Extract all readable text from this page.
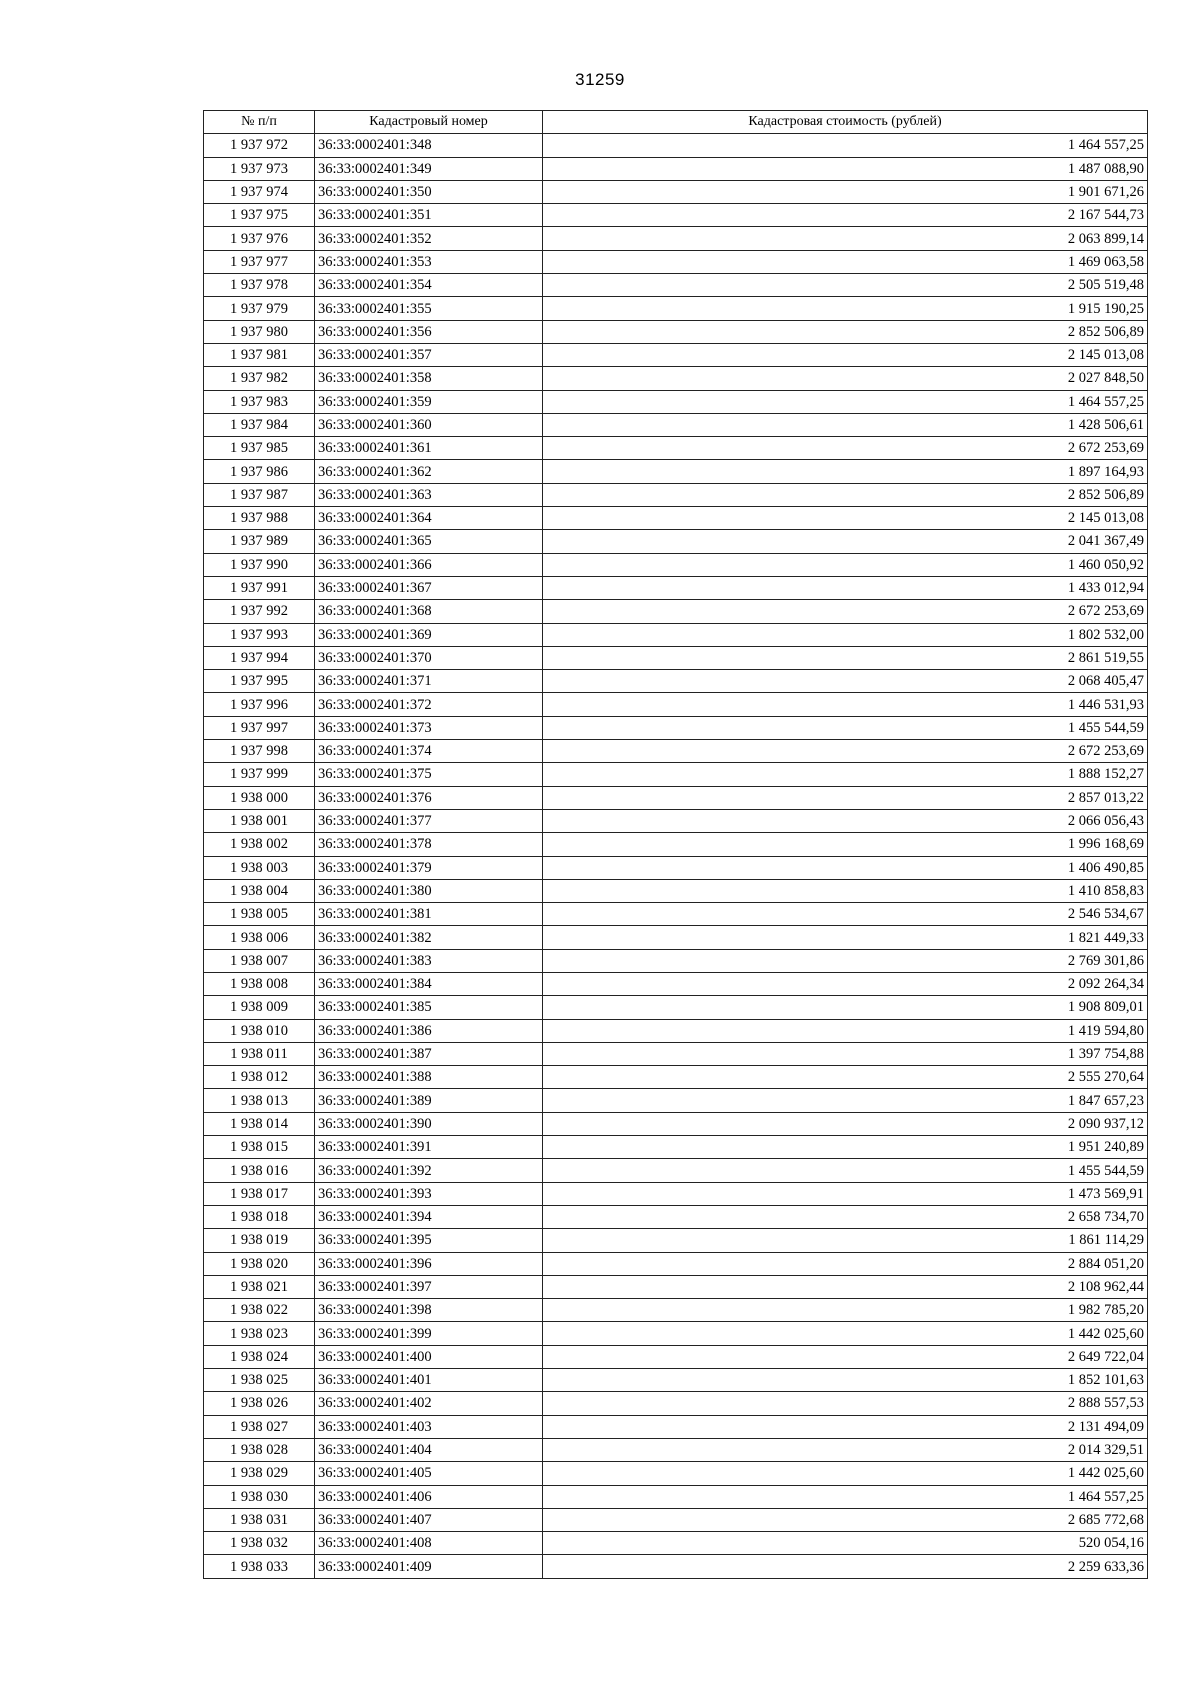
31259
№ п/п	Кадастровый номер	Кадастровая стоимость (рублей)
1 937 972	36:33:0002401:348	1 464 557,25
1 937 973	36:33:0002401:349	1 487 088,90
1 937 974	36:33:0002401:350	1 901 671,26
1 937 975	36:33:0002401:351	2 167 544,73
1 937 976	36:33:0002401:352	2 063 899,14
1 937 977	36:33:0002401:353	1 469 063,58
1 937 978	36:33:0002401:354	2 505 519,48
1 937 979	36:33:0002401:355	1 915 190,25
1 937 980	36:33:0002401:356	2 852 506,89
1 937 981	36:33:0002401:357	2 145 013,08
1 937 982	36:33:0002401:358	2 027 848,50
1 937 983	36:33:0002401:359	1 464 557,25
1 937 984	36:33:0002401:360	1 428 506,61
1 937 985	36:33:0002401:361	2 672 253,69
1 937 986	36:33:0002401:362	1 897 164,93
1 937 987	36:33:0002401:363	2 852 506,89
1 937 988	36:33:0002401:364	2 145 013,08
1 937 989	36:33:0002401:365	2 041 367,49
1 937 990	36:33:0002401:366	1 460 050,92
1 937 991	36:33:0002401:367	1 433 012,94
1 937 992	36:33:0002401:368	2 672 253,69
1 937 993	36:33:0002401:369	1 802 532,00
1 937 994	36:33:0002401:370	2 861 519,55
1 937 995	36:33:0002401:371	2 068 405,47
1 937 996	36:33:0002401:372	1 446 531,93
1 937 997	36:33:0002401:373	1 455 544,59
1 937 998	36:33:0002401:374	2 672 253,69
1 937 999	36:33:0002401:375	1 888 152,27
1 938 000	36:33:0002401:376	2 857 013,22
1 938 001	36:33:0002401:377	2 066 056,43
1 938 002	36:33:0002401:378	1 996 168,69
1 938 003	36:33:0002401:379	1 406 490,85
1 938 004	36:33:0002401:380	1 410 858,83
1 938 005	36:33:0002401:381	2 546 534,67
1 938 006	36:33:0002401:382	1 821 449,33
1 938 007	36:33:0002401:383	2 769 301,86
1 938 008	36:33:0002401:384	2 092 264,34
1 938 009	36:33:0002401:385	1 908 809,01
1 938 010	36:33:0002401:386	1 419 594,80
1 938 011	36:33:0002401:387	1 397 754,88
1 938 012	36:33:0002401:388	2 555 270,64
1 938 013	36:33:0002401:389	1 847 657,23
1 938 014	36:33:0002401:390	2 090 937,12
1 938 015	36:33:0002401:391	1 951 240,89
1 938 016	36:33:0002401:392	1 455 544,59
1 938 017	36:33:0002401:393	1 473 569,91
1 938 018	36:33:0002401:394	2 658 734,70
1 938 019	36:33:0002401:395	1 861 114,29
1 938 020	36:33:0002401:396	2 884 051,20
1 938 021	36:33:0002401:397	2 108 962,44
1 938 022	36:33:0002401:398	1 982 785,20
1 938 023	36:33:0002401:399	1 442 025,60
1 938 024	36:33:0002401:400	2 649 722,04
1 938 025	36:33:0002401:401	1 852 101,63
1 938 026	36:33:0002401:402	2 888 557,53
1 938 027	36:33:0002401:403	2 131 494,09
1 938 028	36:33:0002401:404	2 014 329,51
1 938 029	36:33:0002401:405	1 442 025,60
1 938 030	36:33:0002401:406	1 464 557,25
1 938 031	36:33:0002401:407	2 685 772,68
1 938 032	36:33:0002401:408	520 054,16
1 938 033	36:33:0002401:409	2 259 633,36
